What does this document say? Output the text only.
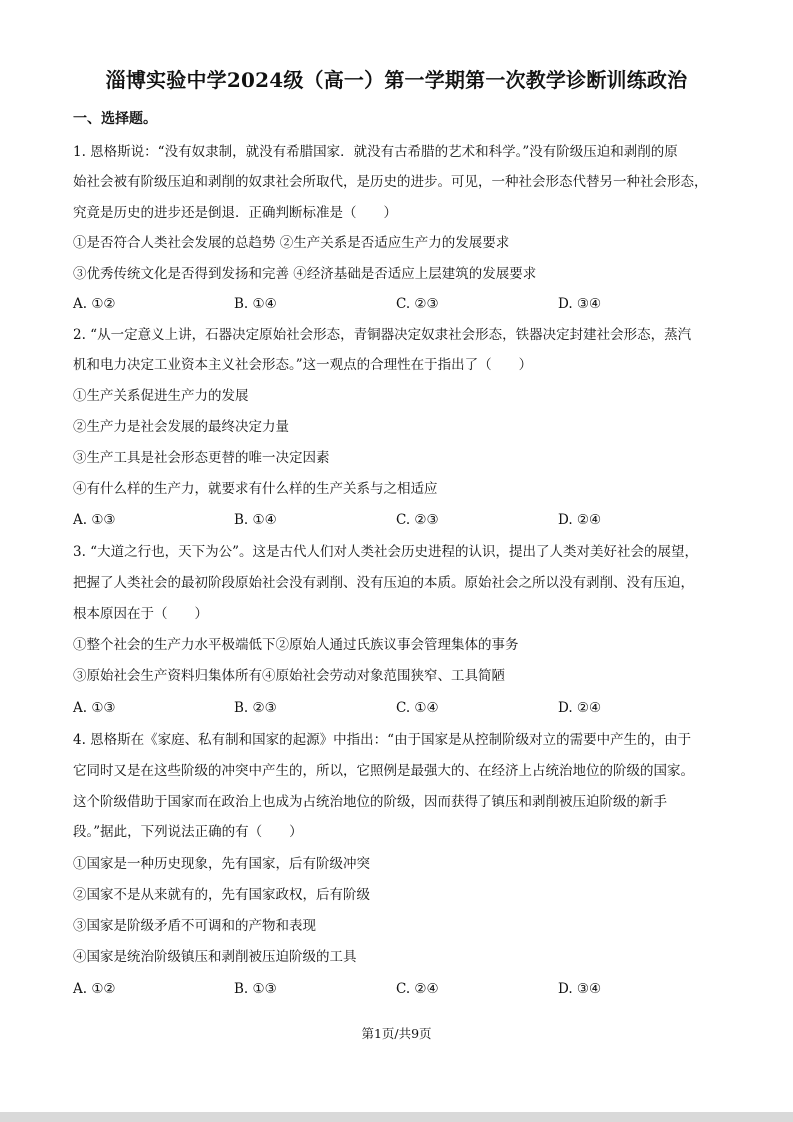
淄博实验中学2024级（高一）第一学期第一次教学诊断训练政治
一、选择题。
1. 恩格斯说：“没有奴隶制，就没有希腊国家．就没有古希腊的艺术和科学。”没有阶级压迫和剥削的原
始社会被有阶级压迫和剥削的奴隶社会所取代，是历史的进步。可见，一种社会形态代替另一种社会形态，
究竟是历史的进步还是倒退．正确判断标准是（　　）
①是否符合人类社会发展的总趋势 ②生产关系是否适应生产力的发展要求
③优秀传统文化是否得到发扬和完善 ④经济基础是否适应上层建筑的发展要求
A. ①②	B. ①④	C. ②③	D. ③④
2. “从一定意义上讲，石器决定原始社会形态，青铜器决定奴隶社会形态，铁器决定封建社会形态，蒸汽
机和电力决定工业资本主义社会形态。”这一观点的合理性在于指出了（　　）
①生产关系促进生产力的发展
②生产力是社会发展的最终决定力量
③生产工具是社会形态更替的唯一决定因素
④有什么样的生产力，就要求有什么样的生产关系与之相适应
A. ①③	B. ①④	C. ②③	D. ②④
3. “大道之行也，天下为公”。这是古代人们对人类社会历史进程的认识，提出了人类对美好社会的展望，
把握了人类社会的最初阶段原始社会没有剥削、没有压迫的本质。原始社会之所以没有剥削、没有压迫，
根本原因在于（　　）
①整个社会的生产力水平极端低下②原始人通过氏族议事会管理集体的事务
③原始社会生产资料归集体所有④原始社会劳动对象范围狭窄、工具简陋
A. ①③	B. ②③	C. ①④	D. ②④
4. 恩格斯在《家庭、私有制和国家的起源》中指出：“由于国家是从控制阶级对立的需要中产生的，由于
它同时又是在这些阶级的冲突中产生的，所以，它照例是最强大的、在经济上占统治地位的阶级的国家。
这个阶级借助于国家而在政治上也成为占统治地位的阶级，因而获得了镇压和剥削被压迫阶级的新手
段。”据此，下列说法正确的有（　　）
①国家是一种历史现象，先有国家，后有阶级冲突
②国家不是从来就有的，先有国家政权，后有阶级
③国家是阶级矛盾不可调和的产物和表现
④国家是统治阶级镇压和剥削被压迫阶级的工具
A. ①②	B. ①③	C. ②④	D. ③④
第1页/共9页
